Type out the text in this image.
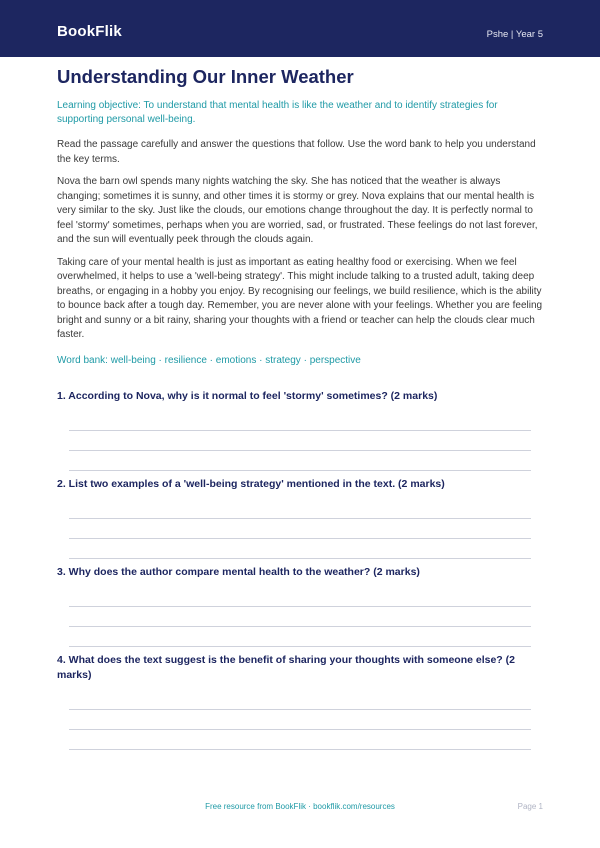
BookFlik	Pshe | Year 5
Understanding Our Inner Weather
Learning objective: To understand that mental health is like the weather and to identify strategies for supporting personal well-being.

Read the passage carefully and answer the questions that follow. Use the word bank to help you understand the key terms.

Nova the barn owl spends many nights watching the sky. She has noticed that the weather is always changing; sometimes it is sunny, and other times it is stormy or grey. Nova explains that our mental health is very similar to the sky. Just like the clouds, our emotions change throughout the day. It is perfectly normal to feel 'stormy' sometimes, perhaps when you are worried, sad, or frustrated. These feelings do not last forever, and the sun will eventually peek through the clouds again.

Taking care of your mental health is just as important as eating healthy food or exercising. When we feel overwhelmed, it helps to use a 'well-being strategy'. This might include talking to a trusted adult, taking deep breaths, or engaging in a hobby you enjoy. By recognising our feelings, we build resilience, which is the ability to bounce back after a tough day. Remember, you are never alone with your feelings. Whether you are feeling bright and sunny or a bit rainy, sharing your thoughts with a friend or teacher can help the clouds clear much faster.

Word bank: well-being · resilience · emotions · strategy · perspective
1. According to Nova, why is it normal to feel 'stormy' sometimes? (2 marks)
2. List two examples of a 'well-being strategy' mentioned in the text. (2 marks)
3. Why does the author compare mental health to the weather? (2 marks)
4. What does the text suggest is the benefit of sharing your thoughts with someone else? (2 marks)
Free resource from BookFlik · bookflik.com/resources	Page 1
